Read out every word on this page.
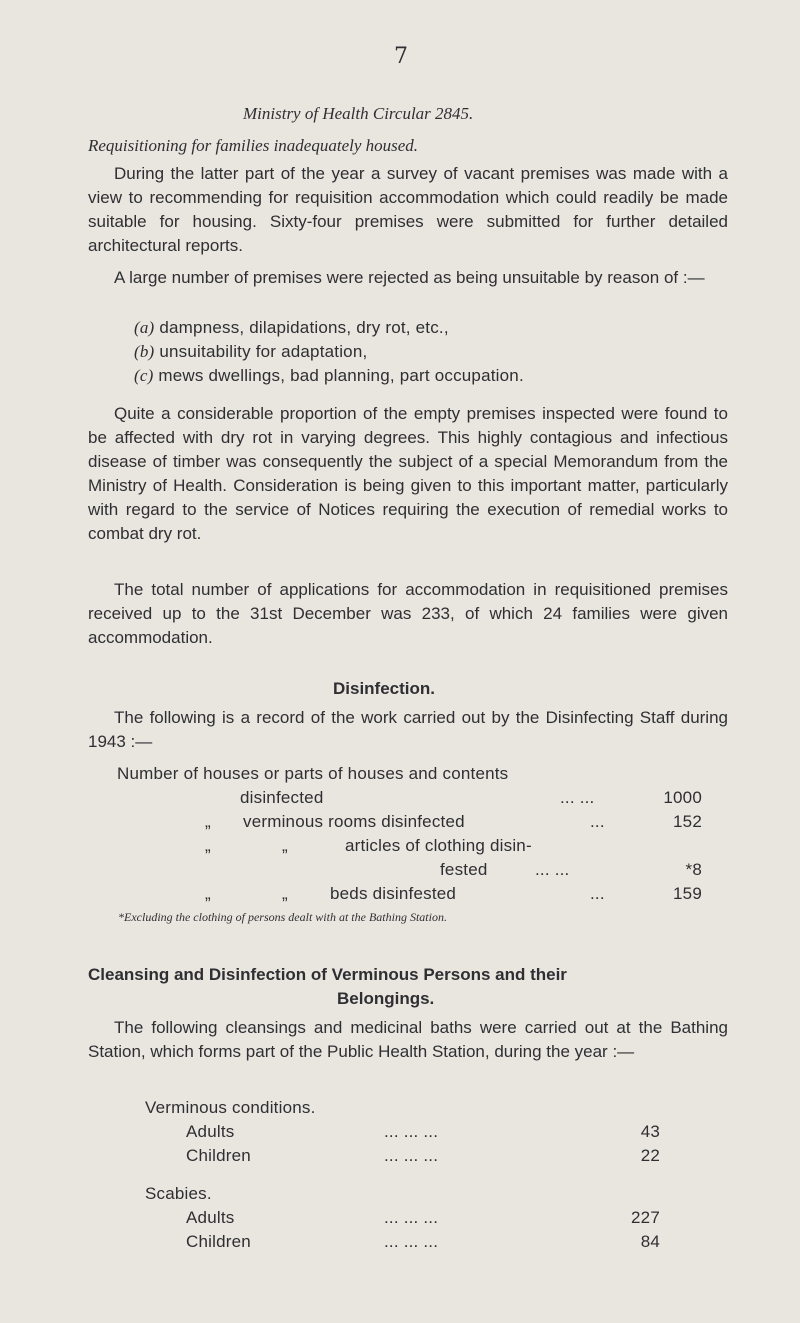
7
Ministry of Health Circular 2845.
Requisitioning for families inadequately housed.
During the latter part of the year a survey of vacant premises was made with a view to recommending for requisition accommodation which could readily be made suitable for housing. Sixty-four premises were submitted for further detailed architectural reports.
A large number of premises were rejected as being unsuitable by reason of :—
(a) dampness, dilapidations, dry rot, etc.,
(b) unsuitability for adaptation,
(c) mews dwellings, bad planning, part occupation.
Quite a considerable proportion of the empty premises inspected were found to be affected with dry rot in varying degrees. This highly contagious and infectious disease of timber was consequently the subject of a special Memorandum from the Ministry of Health. Consideration is being given to this important matter, particularly with regard to the service of Notices requiring the execution of remedial works to combat dry rot.
The total number of applications for accommodation in requisitioned premises received up to the 31st December was 233, of which 24 families were given accommodation.
Disinfection.
The following is a record of the work carried out by the Disinfecting Staff during 1943 :—
Number of houses or parts of houses and contents
disinfected	... ...	1000
„ verminous rooms disinfected	...	152
„	„	articles of clothing disin-
fested	... ...	*8
„	„ beds disinfested	...	159
*Excluding the clothing of persons dealt with at the Bathing Station.
Cleansing and Disinfection of Verminous Persons and their
Belongings.
The following cleansings and medicinal baths were carried out at the Bathing Station, which forms part of the Public Health Station, during the year :—
Verminous conditions.
Adults	... ... ...	43
Children	... ... ...	22
Scabies.
Adults	... ... ...	227
Children	... ... ...	84
